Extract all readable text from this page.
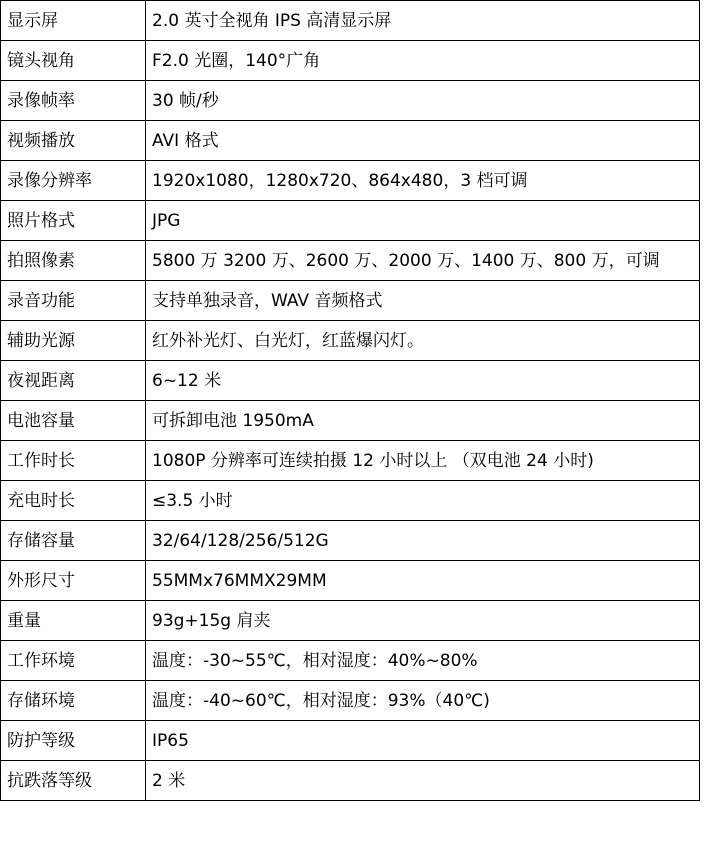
显示屏	2.0 英寸全视角 IPS 高清显示屏
镜头视角	F2.0 光圈，140°广角
录像帧率	30 帧/秒
视频播放	AVI 格式
录像分辨率	1920x1080，1280x720、864x480，3 档可调
照片格式	JPG
拍照像素	5800 万 3200 万、2600 万、2000 万、1400 万、800 万，可调
录音功能	支持单独录音，WAV 音频格式
辅助光源	红外补光灯、白光灯，红蓝爆闪灯。
夜视距离	6~12 米
电池容量	可拆卸电池 1950mA
工作时长	1080P 分辨率可连续拍摄 12 小时以上 （双电池 24 小时)
充电时长	≤3.5 小时
存储容量	32/64/128/256/512G
外形尺寸	55MMx76MMX29MM
重量	93g+15g 肩夹
工作环境	温度：-30~55℃，相对湿度：40%~80%
存储环境	温度：-40~60℃，相对湿度：93%（40℃)
防护等级	IP65
抗跌落等级	2 米
